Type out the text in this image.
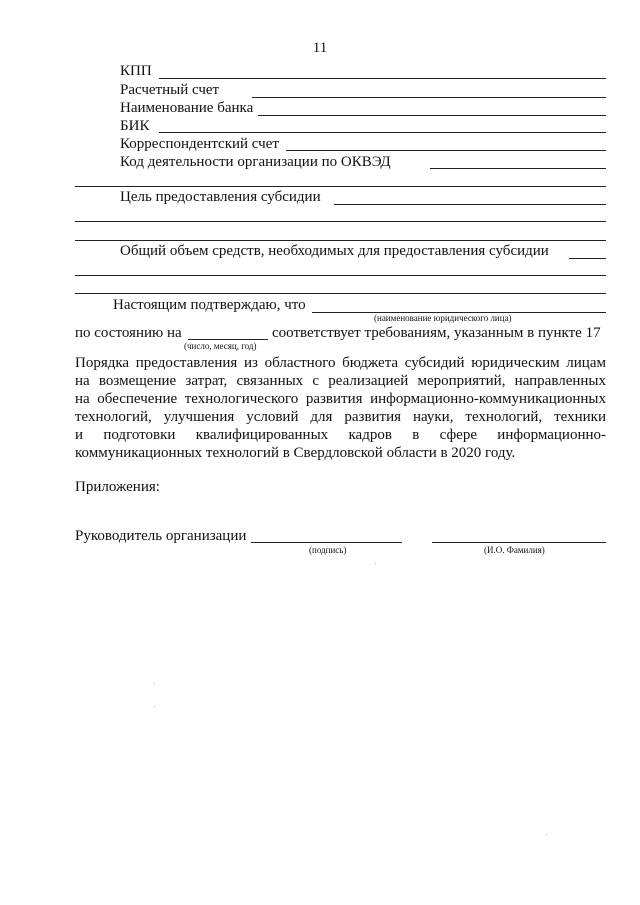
11
КПП
Расчетный счет
Наименование банка
БИК
Корреспондентский счет
Код деятельности организации по ОКВЭД
Цель предоставления субсидии
Общий объем средств, необходимых для предоставления субсидии
Настоящим подтверждаю, что
(наименование юридического лица)
по состоянию на	соответствует требованиям, указанным в пункте 17
(число, месяц, год)
Порядка предоставления из областного бюджета субсидий юридическим лицам
на возмещение затрат, связанных с реализацией мероприятий, направленных
на обеспечение технологического развития информационно-коммуникационных
технологий, улучшения условий для развития науки, технологий, техники
и подготовки квалифицированных кадров в сфере информационно-
коммуникационных технологий в Свердловской области в 2020 году.
Приложения:
Руководитель организации
(подпись)	(И.О. Фамилия)
